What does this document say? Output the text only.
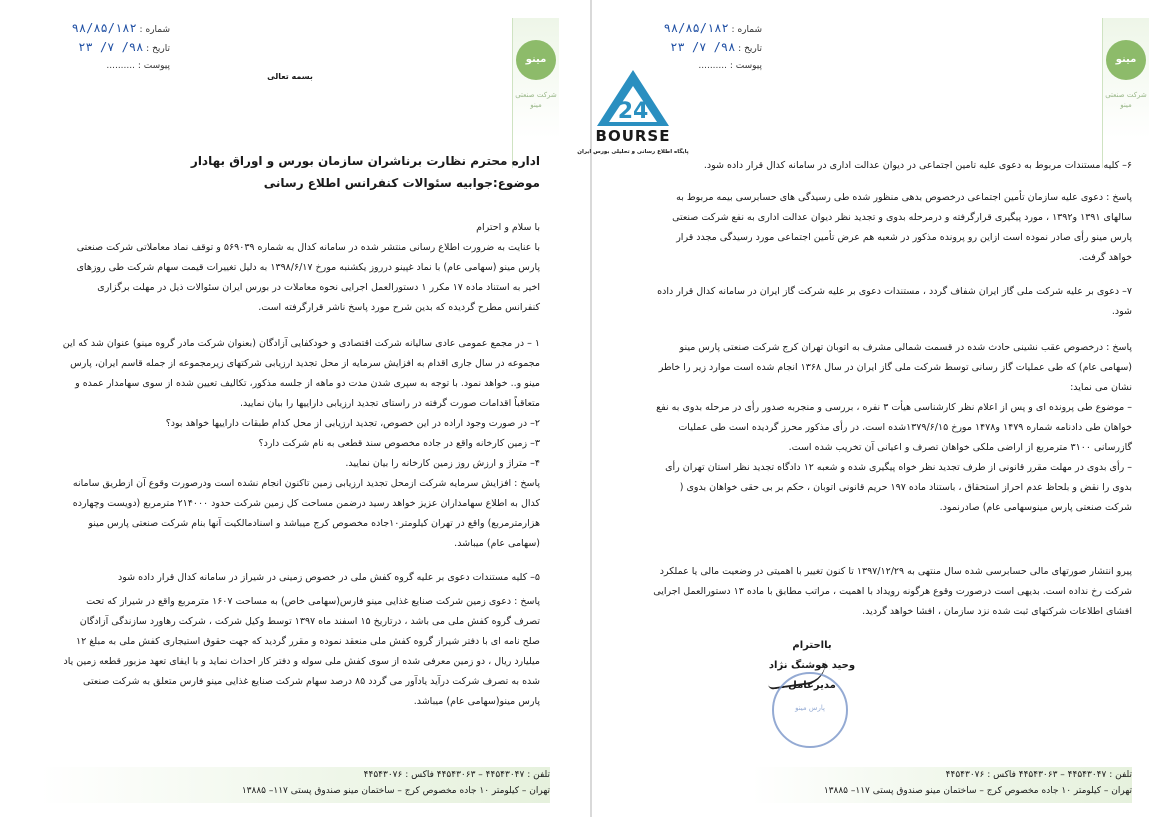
مینو
شرکت صنعتی مینو
شماره : ۹۸/۸۵/۱۸۲
تاریخ : ۹۸/ ۷/ ۲۳
پیوست : ..........
بسمه تعالی
اداره محترم نظارت برناشران سازمان بورس و اوراق بهادار
موضوع:جوابیه سئوالات کنفرانس اطلاع رسانی

با سلام و احترام

با عنایت به ضرورت اطلاع رسانی منتشر شده در سامانه کدال به شماره ۵۶۹۰۳۹ و توقف نماد معاملاتی شرکت صنعتی پارس مینو (سهامی عام) با نماد غپینو درروز یکشنبه مورخ ۱۳۹۸/۶/۱۷ به دلیل تغییرات قیمت سهام شرکت طی روزهای اخیر به استناد ماده ۱۷ مکرر ۱ دستورالعمل اجرایی نحوه معاملات در بورس ایران سئوالات ذیل در مهلت برگزاری کنفرانس مطرح گردیده که بدین شرح مورد پاسخ ناشر قرارگرفته است.

۱ – در مجمع عمومی عادی سالیانه شرکت اقتصادی و خودکفایی آزادگان (بعنوان شرکت مادر گروه مینو) عنوان شد که این مجموعه در سال جاری اقدام به افزایش سرمایه از محل تجدید ارزیابی شرکتهای زیرمجموعه از جمله قاسم ایران، پارس مینو و.. خواهد نمود. با توجه به سپری شدن مدت دو ماهه از جلسه مذکور، تکالیف تعیین شده از سوی سهامدار عمده و متعاقباً اقدامات صورت گرفته در راستای تجدید ارزیابی داراییها را بیان نمایید.

۲– در صورت وجود اراده در این خصوص، تجدید ارزیابی از محل کدام طبقات داراییها خواهد بود؟

۳– زمین کارخانه واقع در جاده مخصوص سند قطعی به نام شرکت دارد؟

۴– متراژ و ارزش روز زمین کارخانه را بیان نمایید.

پاسخ : افزایش سرمایه شرکت ازمحل تجدید ارزیابی زمین تاکنون انجام نشده است ودرصورت وقوع آن ازطریق سامانه کدال به اطلاع سهامداران عزیز خواهد رسید درضمن مساحت کل زمین شرکت حدود ۲۱۴۰۰۰ مترمربع (دویست وچهارده هزارمترمربع) واقع در تهران کیلومتر۱۰جاده مخصوص کرج میباشد و اسنادمالکیت آنها بنام شرکت صنعتی پارس مینو (سهامی عام) میباشد.

۵– کلیه مستندات دعوی بر علیه گروه کفش ملی در خصوص زمینی در شیراز در سامانه کدال قرار داده شود

پاسخ : دعوی زمین شرکت صنایع غذایی مینو فارس(سهامی خاص) به مساحت ۱۶۰۷ مترمربع واقع در شیراز که تحت تصرف گروه کفش ملی می باشد ، درتاریخ ۱۵ اسفند ماه ۱۳۹۷ توسط وکیل شرکت ، شرکت رهاورد سازندگی آزادگان صلح نامه ای با دفتر شیراز گروه کفش ملی منعقد نموده و مقرر گردید که جهت حقوق استیجاری کفش ملی به مبلغ ۱۲ میلیارد ریال ، دو زمین معرفی شده از سوی کفش ملی سوله و دفتر کار احداث نماید و با ایفای تعهد مزبور قطعه زمین یاد شده به تصرف شرکت درآید یادآور می گردد ۸۵ درصد سهام شرکت صنایع غذایی مینو فارس متعلق به شرکت صنعتی پارس مینو(سهامی عام) میباشد.

تلفن : ۴۴۵۴۳۰۴۷ – ۴۴۵۴۳۰۶۳ فاکس : ۴۴۵۴۳۰۷۶
تهران – کیلومتر ۱۰ جاده مخصوص کرج – ساختمان مینو صندوق پستی ۱۱۷– ۱۳۸۸۵
مینو
شرکت صنعتی مینو
شماره : ۹۸/۸۵/۱۸۲
تاریخ : ۹۸/ ۷/ ۲۳
پیوست : ..........

۶– کلیه مستندات مربوط به دعوی علیه تامین اجتماعی در دیوان عدالت اداری در سامانه کدال قرار داده شود.

پاسخ : دعوی علیه سازمان تأمین اجتماعی درخصوص بدهی منظور شده طی رسیدگی های حسابرسی بیمه مربوط به سالهای ۱۳۹۱ و۱۳۹۲ ، مورد پیگیری قرارگرفته و درمرحله بدوی و تجدید نظر دیوان عدالت اداری به نفع شرکت صنعتی پارس مینو رأی صادر نموده است ازاین رو پرونده مذکور در شعبه هم عرض تأمین اجتماعی مورد رسیدگی مجدد قرار خواهد گرفت.

۷– دعوی بر علیه شرکت ملی گاز ایران شفاف گردد ، مستندات دعوی بر علیه شرکت گاز ایران در سامانه کدال قرار داده شود.

پاسخ : درخصوص عقب نشینی حادث شده در قسمت شمالی مشرف به اتوبان تهران کرج شرکت صنعتی پارس مینو (سهامی عام) که طی عملیات گاز رسانی توسط شرکت ملی گاز ایران در سال ۱۳۶۸ انجام شده است موارد زیر را خاطر نشان می نماید:

– موضوع طی پرونده ای و پس از اعلام نظر کارشناسی هیأت ۳ نفره ، بررسی و منجربه صدور رأی در مرحله بدوی به نفع خواهان طی دادنامه شماره ۱۴۷۹ و۱۴۷۸ مورخ ۱۳۷۹/۶/۱۵شده است. در رأی مذکور محرز گردیده است طی عملیات گازرسانی ۳۱۰۰ مترمربع از اراضی ملکی خواهان تصرف و اعیانی آن تخریب شده است.

– رأی بدوی در مهلت مقرر قانونی از طرف تجدید نظر خواه پیگیری شده و شعبه ۱۲ دادگاه تجدید نظر استان تهران رأی بدوی را نقض و بلحاظ عدم احراز استحقاق ، باستناد ماده ۱۹۷ حریم قانونی اتوبان ، حکم بر بی حقی خواهان بدوی ( شرکت صنعتی پارس مینوسهامی عام) صادرنمود.

پیرو انتشار صورتهای مالی حسابرسی شده سال منتهی به ۱۳۹۷/۱۲/۲۹ تا کنون تغییر با اهمیتی در وضعیت مالی یا عملکرد شرکت رخ نداده است. بدیهی است درصورت وقوع هرگونه رویداد با اهمیت ، مراتب مطابق با ماده ۱۳ دستورالعمل اجرایی افشای اطلاعات شرکتهای ثبت شده نزد سازمان ، افشا خواهد گردید.

بااحترام
وحید هوشنگ نژاد
مدیرعامل
پارس مینو
تلفن : ۴۴۵۴۳۰۴۷ – ۴۴۵۴۳۰۶۳ فاکس : ۴۴۵۴۳۰۷۶
تهران – کیلومتر ۱۰ جاده مخصوص کرج – ساختمان مینو صندوق پستی ۱۱۷– ۱۳۸۸۵
24
BOURSE
پایگاه اطلاع رسانی و تحلیلی بورس ایران
